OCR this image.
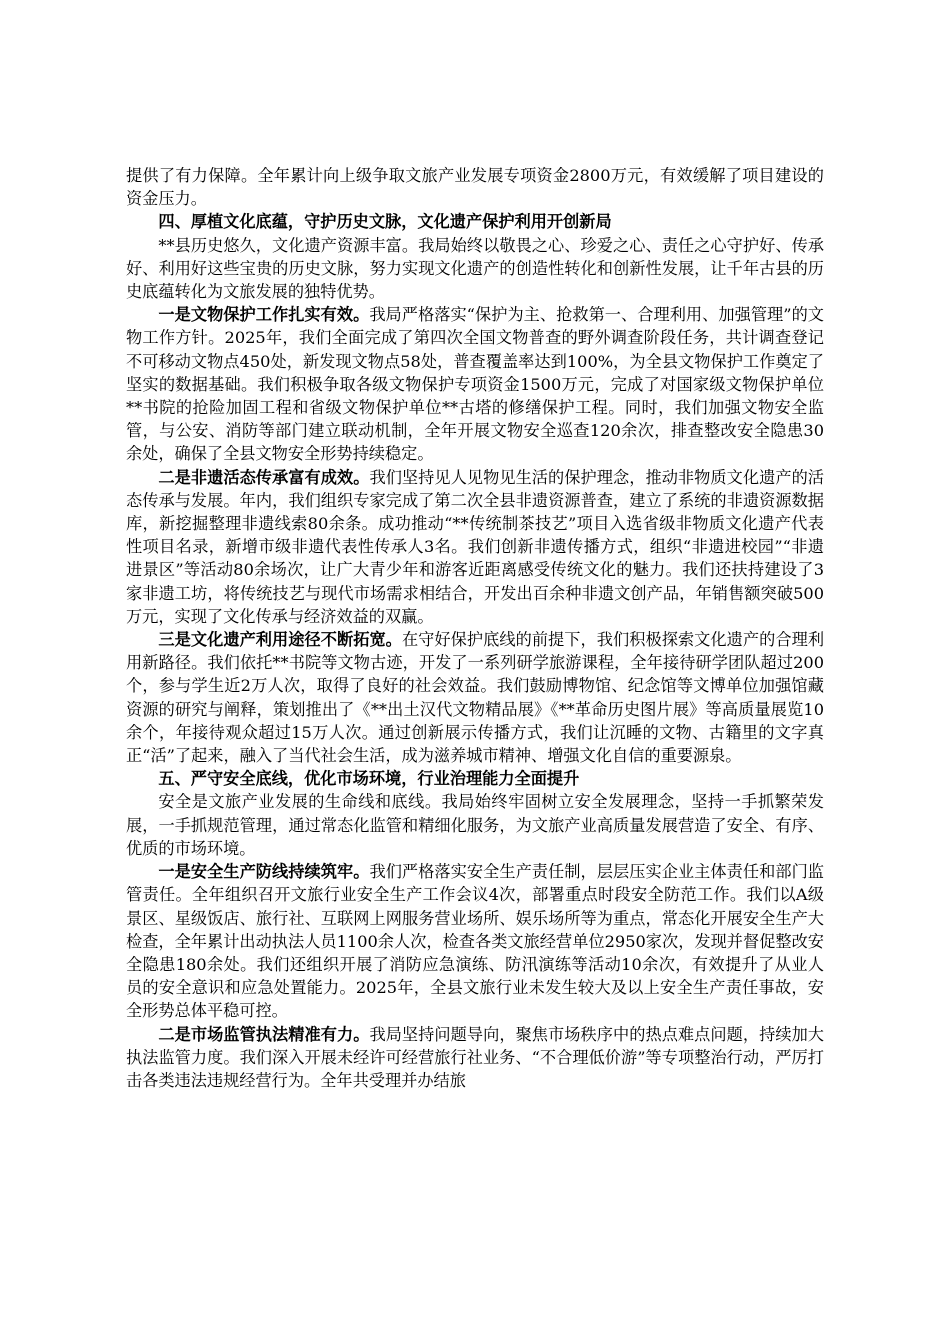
提供了有力保障。全年累计向上级争取文旅产业发展专项资金2800万元，有效缓解了项目建设的资金压力。

四、厚植文化底蕴，守护历史文脉，文化遗产保护利用开创新局

**县历史悠久，文化遗产资源丰富。我局始终以敬畏之心、珍爱之心、责任之心守护好、传承好、利用好这些宝贵的历史文脉，努力实现文化遗产的创造性转化和创新性发展，让千年古县的历史底蕴转化为文旅发展的独特优势。

一是文物保护工作扎实有效。我局严格落实“保护为主、抢救第一、合理利用、加强管理”的文物工作方针。2025年，我们全面完成了第四次全国文物普查的野外调查阶段任务，共计调查登记不可移动文物点450处，新发现文物点58处，普查覆盖率达到100%，为全县文物保护工作奠定了坚实的数据基础。我们积极争取各级文物保护专项资金1500万元，完成了对国家级文物保护单位**书院的抢险加固工程和省级文物保护单位**古塔的修缮保护工程。同时，我们加强文物安全监管，与公安、消防等部门建立联动机制，全年开展文物安全巡查120余次，排查整改安全隐患30余处，确保了全县文物安全形势持续稳定。

二是非遗活态传承富有成效。我们坚持见人见物见生活的保护理念，推动非物质文化遗产的活态传承与发展。年内，我们组织专家完成了第二次全县非遗资源普查，建立了系统的非遗资源数据库，新挖掘整理非遗线索80余条。成功推动“**传统制茶技艺”项目入选省级非物质文化遗产代表性项目名录，新增市级非遗代表性传承人3名。我们创新非遗传播方式，组织“非遗进校园”“非遗进景区”等活动80余场次，让广大青少年和游客近距离感受传统文化的魅力。我们还扶持建设了3家非遗工坊，将传统技艺与现代市场需求相结合，开发出百余种非遗文创产品，年销售额突破500万元，实现了文化传承与经济效益的双赢。

三是文化遗产利用途径不断拓宽。在守好保护底线的前提下，我们积极探索文化遗产的合理利用新路径。我们依托**书院等文物古迹，开发了一系列研学旅游课程，全年接待研学团队超过200个，参与学生近2万人次，取得了良好的社会效益。我们鼓励博物馆、纪念馆等文博单位加强馆藏资源的研究与阐释，策划推出了《**出土汉代文物精品展》《**革命历史图片展》等高质量展览10余个，年接待观众超过15万人次。通过创新展示传播方式，我们让沉睡的文物、古籍里的文字真正“活”了起来，融入了当代社会生活，成为滋养城市精神、增强文化自信的重要源泉。

五、严守安全底线，优化市场环境，行业治理能力全面提升

安全是文旅产业发展的生命线和底线。我局始终牢固树立安全发展理念，坚持一手抓繁荣发展，一手抓规范管理，通过常态化监管和精细化服务，为文旅产业高质量发展营造了安全、有序、优质的市场环境。

一是安全生产防线持续筑牢。我们严格落实安全生产责任制，层层压实企业主体责任和部门监管责任。全年组织召开文旅行业安全生产工作会议4次，部署重点时段安全防范工作。我们以A级景区、星级饭店、旅行社、互联网上网服务营业场所、娱乐场所等为重点，常态化开展安全生产大检查，全年累计出动执法人员1100余人次，检查各类文旅经营单位2950家次，发现并督促整改安全隐患180余处。我们还组织开展了消防应急演练、防汛演练等活动10余次，有效提升了从业人员的安全意识和应急处置能力。2025年，全县文旅行业未发生较大及以上安全生产责任事故，安全形势总体平稳可控。

二是市场监管执法精准有力。我局坚持问题导向，聚焦市场秩序中的热点难点问题，持续加大执法监管力度。我们深入开展未经许可经营旅行社业务、“不合理低价游”等专项整治行动，严厉打击各类违法违规经营行为。全年共受理并办结旅
